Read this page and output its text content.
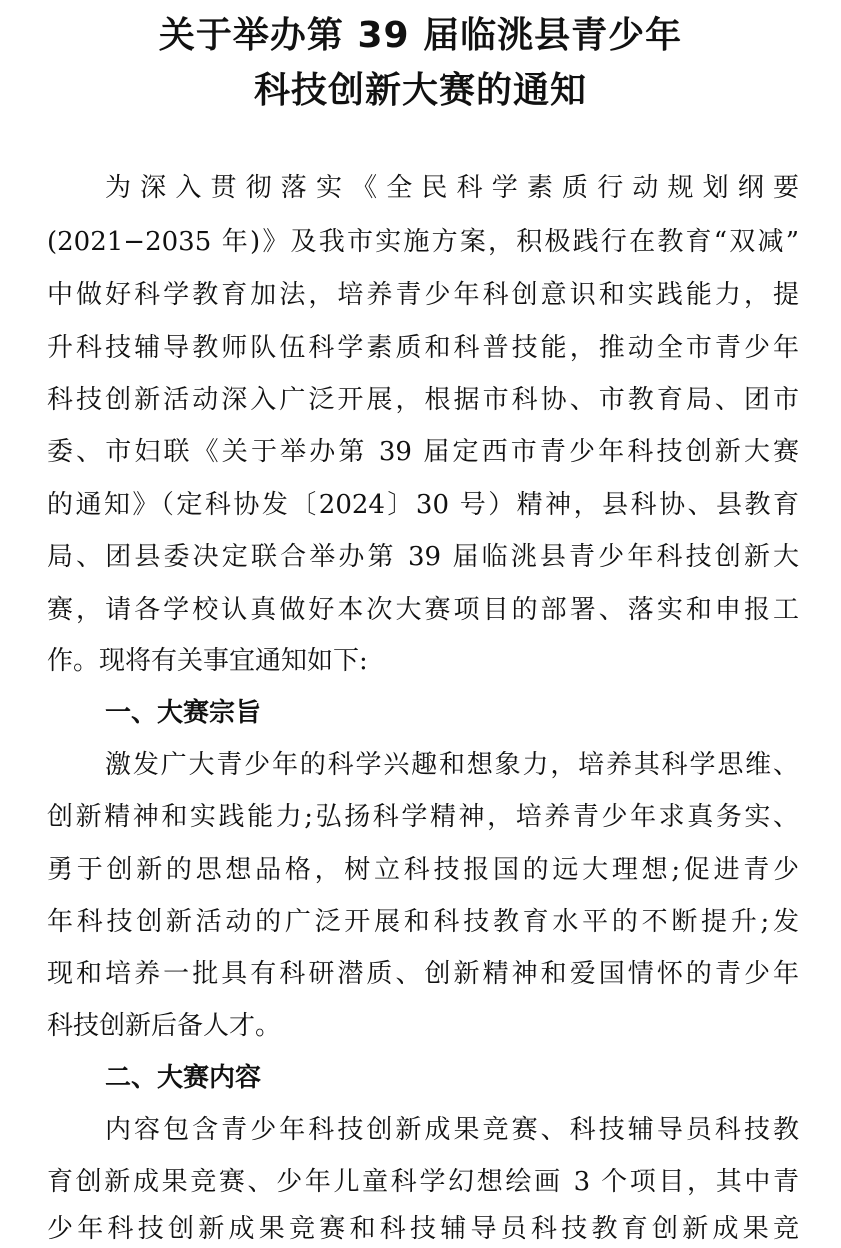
关于举办第 39 届临洮县青少年
科技创新大赛的通知
为深入贯彻落实《全民科学素质行动规划纲要
(2021−2035 年)》及我市实施方案，积极践行在教育“双减”
中做好科学教育加法，培养青少年科创意识和实践能力，提
升科技辅导教师队伍科学素质和科普技能，推动全市青少年
科技创新活动深入广泛开展，根据市科协、市教育局、团市
委、市妇联《关于举办第 39 届定西市青少年科技创新大赛
的通知》（定科协发〔2024〕30 号）精神，县科协、县教育
局、团县委决定联合举办第 39 届临洮县青少年科技创新大
赛，请各学校认真做好本次大赛项目的部署、落实和申报工
作。现将有关事宜通知如下:
一、大赛宗旨
激发广大青少年的科学兴趣和想象力，培养其科学思维、
创新精神和实践能力;弘扬科学精神，培养青少年求真务实、
勇于创新的思想品格，树立科技报国的远大理想;促进青少
年科技创新活动的广泛开展和科技教育水平的不断提升;发
现和培养一批具有科研潜质、创新精神和爱国情怀的青少年
科技创新后备人才。
二、大赛内容
内容包含青少年科技创新成果竞赛、科技辅导员科技教
育创新成果竞赛、少年儿童科学幻想绘画 3 个项目，其中青
少年科技创新成果竞赛和科技辅导员科技教育创新成果竞
